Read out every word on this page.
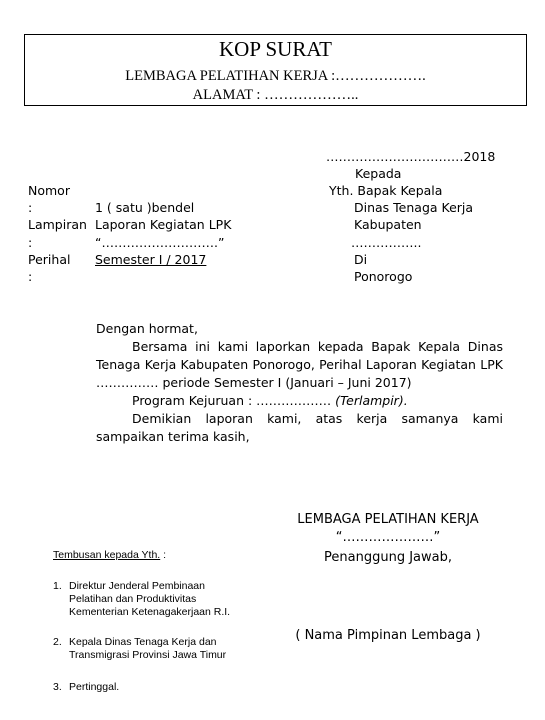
KOP SURAT
LEMBAGA PELATIHAN KERJA :……………….
ALAMAT : ………………..
……………………………2018
Kepada
Yth. Bapak Kepala
Dinas Tenaga Kerja
Kabupaten
……………..
Di
Ponorogo
Nomor
:	1 ( satu )bendel
Lampiran Laporan Kegiatan LPK
:	“……………………….”
Perihal Semester I / 2017
:
Dengan hormat,
Bersama ini kami laporkan kepada Bapak Kepala Dinas Tenaga Kerja Kabupaten Ponorogo, Perihal Laporan Kegiatan LPK …………… periode Semester I (Januari – Juni 2017)
Program Kejuruan : ……………… (Terlampir).
Demikian laporan kami, atas kerja samanya kami sampaikan terima kasih,
LEMBAGA PELATIHAN KERJA
“…………………”
Penanggung Jawab,
( Nama Pimpinan Lembaga )
Tembusan kepada Yth. :
1. Direktur Jenderal Pembinaan
Pelatihan dan Produktivitas
Kementerian Ketenagakerjaan R.I.
2. Kepala Dinas Tenaga Kerja dan
Transmigrasi Provinsi Jawa Timur
3. Pertinggal.
